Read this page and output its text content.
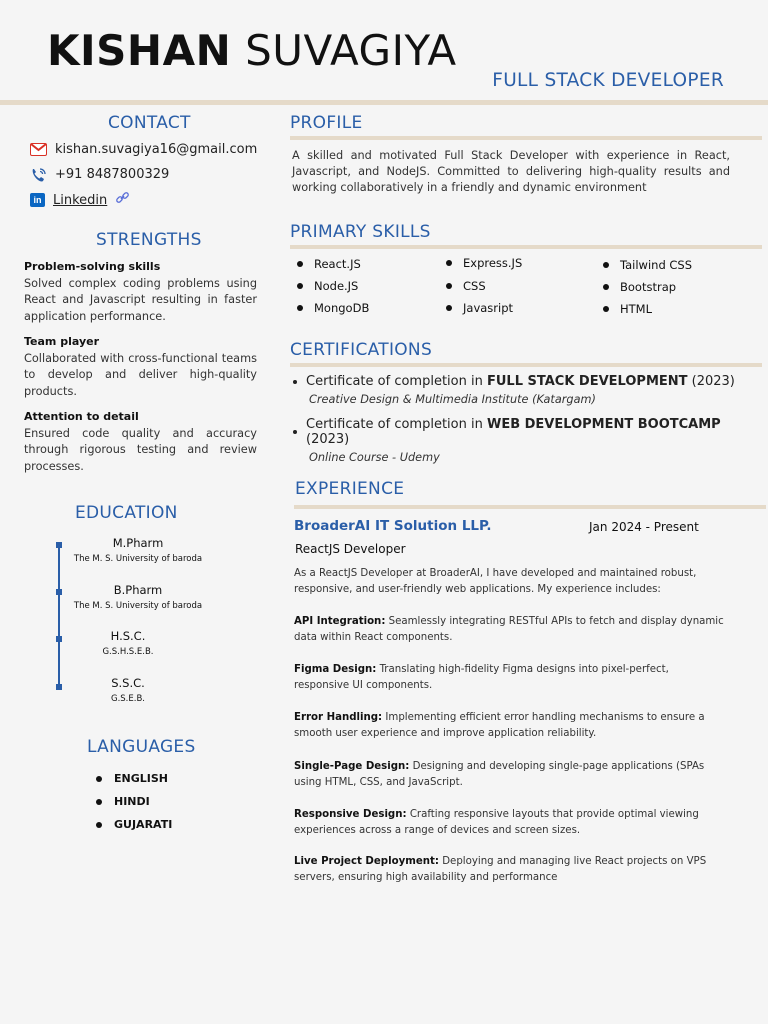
KISHAN SUVAGIYA
FULL STACK DEVELOPER
CONTACT
kishan.suvagiya16@gmail.com
+91 8487800329
in Linkedin
STRENGTHS
Problem-solving skills
Solved complex coding problems using React and Javascript resulting in faster application performance.
Team player
Collaborated with cross-functional teams to develop and deliver high-quality products.
Attention to detail
Ensured code quality and accuracy through rigorous testing and review processes.
EDUCATION
M.Pharm
The M. S. University of baroda
B.Pharm
The M. S. University of baroda
H.S.C.
G.S.H.S.E.B.
S.S.C.
G.S.E.B.
LANGUAGES
ENGLISH
HINDI
GUJARATI
PROFILE
A skilled and motivated Full Stack Developer with experience in React, Javascript, and NodeJS. Committed to delivering high-quality results and working collaboratively in a friendly and dynamic environment
PRIMARY SKILLS
React.JS
Node.JS
MongoDB
Express.JS
CSS
Javasript
Tailwind CSS
Bootstrap
HTML
CERTIFICATIONS
Certificate of completion in FULL STACK DEVELOPMENT (2023)
Creative Design & Multimedia Institute (Katargam)
Certificate of completion in WEB DEVELOPMENT BOOTCAMP (2023)
Online Course - Udemy
EXPERIENCE
BroaderAI IT Solution LLP.	Jan 2024 - Present
ReactJS Developer
As a ReactJS Developer at BroaderAI, I have developed and maintained robust, responsive, and user-friendly web applications. My experience includes:
API Integration: Seamlessly integrating RESTful APIs to fetch and display dynamic data within React components.
Figma Design: Translating high-fidelity Figma designs into pixel-perfect, responsive UI components.
Error Handling: Implementing efficient error handling mechanisms to ensure a smooth user experience and improve application reliability.
Single-Page Design: Designing and developing single-page applications (SPAs using HTML, CSS, and JavaScript.
Responsive Design: Crafting responsive layouts that provide optimal viewing experiences across a range of devices and screen sizes.
Live Project Deployment: Deploying and managing live React projects on VPS servers, ensuring high availability and performance
